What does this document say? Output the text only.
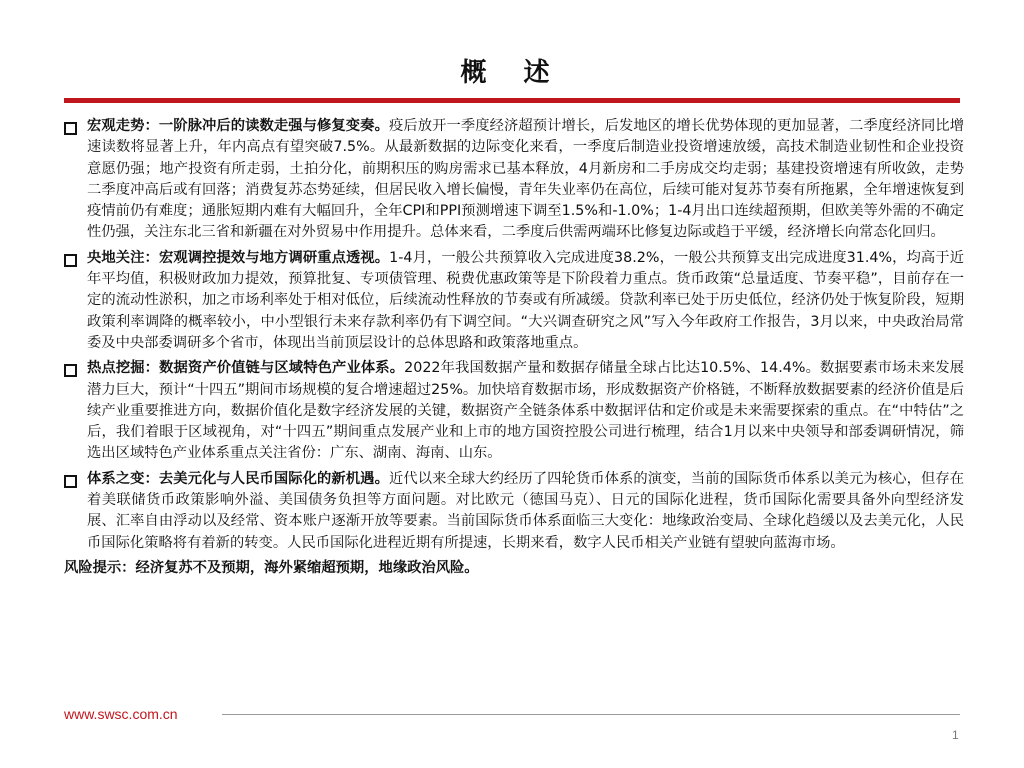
概 述
宏观走势：一阶脉冲后的读数走强与修复变奏。疫后放开一季度经济超预计增长，后发地区的增长优势体现的更加显著，二季度经济同比增速读数将显著上升，年内高点有望突破7.5%。从最新数据的边际变化来看，一季度后制造业投资增速放缓，高技术制造业韧性和企业投资意愿仍强；地产投资有所走弱，土拍分化，前期积压的购房需求已基本释放，4月新房和二手房成交均走弱；基建投资增速有所收敛，走势二季度冲高后或有回落；消费复苏态势延续，但居民收入增长偏慢，青年失业率仍在高位，后续可能对复苏节奏有所拖累，全年增速恢复到疫情前仍有难度；通胀短期内难有大幅回升，全年CPI和PPI预测增速下调至1.5%和-1.0%；1-4月出口连续超预期，但欧美等外需的不确定性仍强，关注东北三省和新疆在对外贸易中作用提升。总体来看，二季度后供需两端环比修复边际或趋于平缓，经济增长向常态化回归。
央地关注：宏观调控提效与地方调研重点透视。1-4月，一般公共预算收入完成进度38.2%，一般公共预算支出完成进度31.4%，均高于近年平均值，积极财政加力提效，预算批复、专项债管理、税费优惠政策等是下阶段着力重点。货币政策“总量适度、节奏平稳”，目前存在一定的流动性淤积，加之市场利率处于相对低位，后续流动性释放的节奏或有所减缓。贷款利率已处于历史低位，经济仍处于恢复阶段，短期政策利率调降的概率较小，中小型银行未来存款利率仍有下调空间。“大兴调查研究之风”写入今年政府工作报告，3月以来，中央政治局常委及中央部委调研多个省市，体现出当前顶层设计的总体思路和政策落地重点。
热点挖掘：数据资产价值链与区域特色产业体系。2022年我国数据产量和数据存储量全球占比达10.5%、14.4%。数据要素市场未来发展潜力巨大，预计“十四五”期间市场规模的复合增速超过25%。加快培育数据市场，形成数据资产价格链，不断释放数据要素的经济价值是后续产业重要推进方向，数据价值化是数字经济发展的关键，数据资产全链条体系中数据评估和定价或是未来需要探索的重点。在“中特估”之后，我们着眼于区域视角，对“十四五”期间重点发展产业和上市的地方国资控股公司进行梳理，结合1月以来中央领导和部委调研情况，筛选出区域特色产业体系重点关注省份：广东、湖南、海南、山东。
体系之变：去美元化与人民币国际化的新机遇。近代以来全球大约经历了四轮货币体系的演变，当前的国际货币体系以美元为核心，但存在着美联储货币政策影响外溢、美国债务负担等方面问题。对比欧元（德国马克）、日元的国际化进程，货币国际化需要具备外向型经济发展、汇率自由浮动以及经常、资本账户逐渐开放等要素。当前国际货币体系面临三大变化：地缘政治变局、全球化趋缓以及去美元化，人民币国际化策略将有着新的转变。人民币国际化进程近期有所提速，长期来看，数字人民币相关产业链有望驶向蓝海市场。
风险提示：经济复苏不及预期，海外紧缩超预期，地缘政治风险。
www.swsc.com.cn
1
